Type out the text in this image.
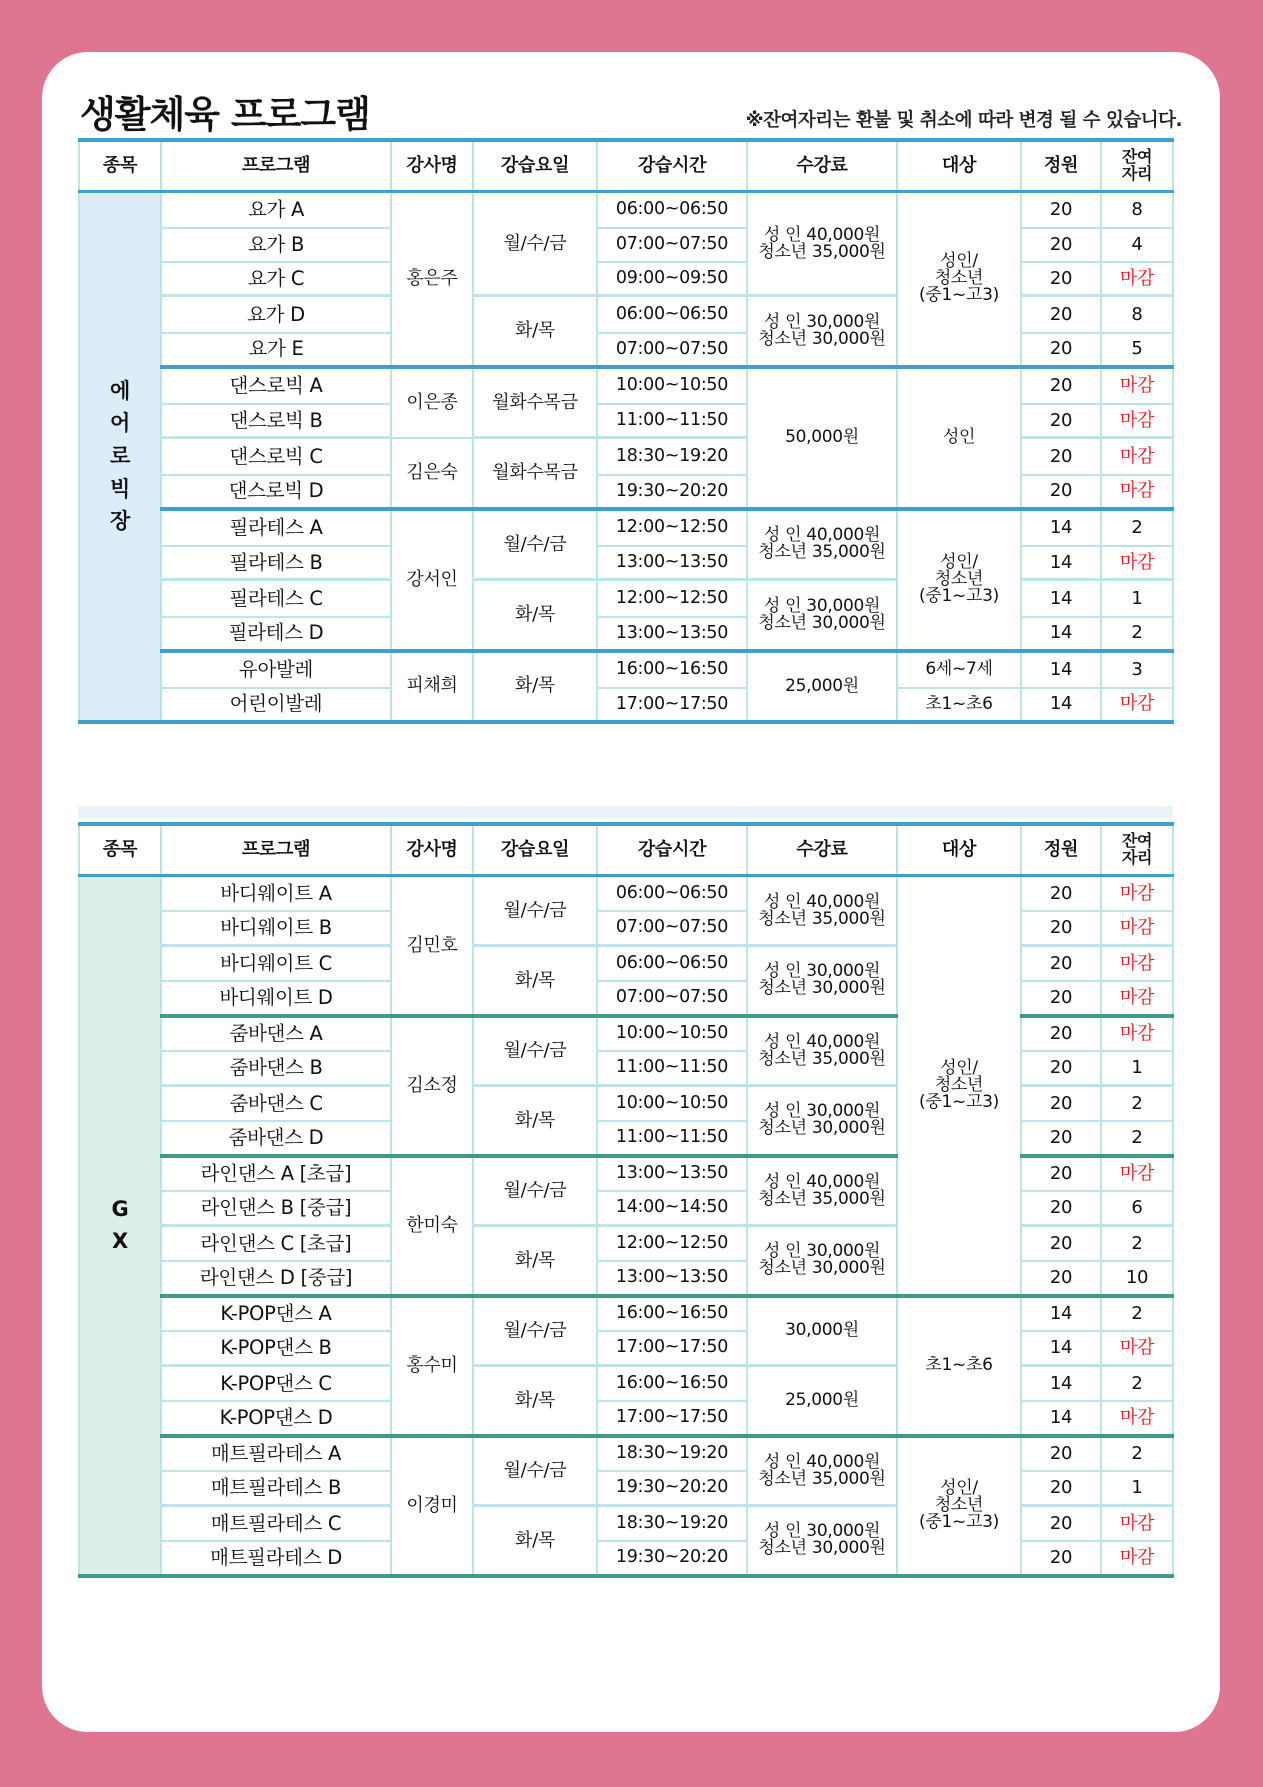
생활체육 프로그램	※잔여자리는 환불 및 취소에 따라 변경 될 수 있습니다.
종목	프로그램	강사명	강습요일	강습시간	수강료	대상	정원	잔여
자리
에
어
로
빅
장	요가 A	홍은주	월/수/금	06:00~06:50	성 인 40,000원
청소년 35,000원	성인/
청소년
(중1~고3)	20	8
	요가 B			07:00~07:50			20	4
	요가 C			09:00~09:50			20	마감
	요가 D		화/목	06:00~06:50	성 인 30,000원
청소년 30,000원		20	8
	요가 E			07:00~07:50			20	5
	댄스로빅 A	이은종	월화수목금	10:00~10:50	50,000원	성인	20	마감
	댄스로빅 B			11:00~11:50			20	마감
	댄스로빅 C	김은숙	월화수목금	18:30~19:20			20	마감
	댄스로빅 D			19:30~20:20			20	마감
	필라테스 A	강서인	월/수/금	12:00~12:50	성 인 40,000원
청소년 35,000원	성인/
청소년
(중1~고3)	14	2
	필라테스 B			13:00~13:50			14	마감
	필라테스 C		화/목	12:00~12:50	성 인 30,000원
청소년 30,000원		14	1
	필라테스 D			13:00~13:50			14	2
	유아발레	피채희	화/목	16:00~16:50	25,000원	6세~7세	14	3
	어린이발레			17:00~17:50		초1~초6	14	마감
종목	프로그램	강사명	강습요일	강습시간	수강료	대상	정원	잔여
자리
G
X	바디웨이트 A	김민호	월/수/금	06:00~06:50	성 인 40,000원
청소년 35,000원	성인/
청소년
(중1~고3)	20	마감
	바디웨이트 B			07:00~07:50			20	마감
	바디웨이트 C		화/목	06:00~06:50	성 인 30,000원
청소년 30,000원		20	마감
	바디웨이트 D			07:00~07:50			20	마감
	줌바댄스 A	김소정	월/수/금	10:00~10:50	성 인 40,000원
청소년 35,000원		20	마감
	줌바댄스 B			11:00~11:50			20	1
	줌바댄스 C		화/목	10:00~10:50	성 인 30,000원
청소년 30,000원		20	2
	줌바댄스 D			11:00~11:50			20	2
	라인댄스 A [초급]	한미숙	월/수/금	13:00~13:50	성 인 40,000원
청소년 35,000원		20	마감
	라인댄스 B [중급]			14:00~14:50			20	6
	라인댄스 C [초급]		화/목	12:00~12:50	성 인 30,000원
청소년 30,000원		20	2
	라인댄스 D [중급]			13:00~13:50			20	10
	K-POP댄스 A	홍수미	월/수/금	16:00~16:50	30,000원	초1~초6	14	2
	K-POP댄스 B			17:00~17:50			14	마감
	K-POP댄스 C		화/목	16:00~16:50	25,000원		14	2
	K-POP댄스 D			17:00~17:50			14	마감
	매트필라테스 A	이경미	월/수/금	18:30~19:20	성 인 40,000원
청소년 35,000원	성인/
청소년
(중1~고3)	20	2
	매트필라테스 B			19:30~20:20			20	1
	매트필라테스 C		화/목	18:30~19:20	성 인 30,000원
청소년 30,000원		20	마감
	매트필라테스 D			19:30~20:20			20	마감
